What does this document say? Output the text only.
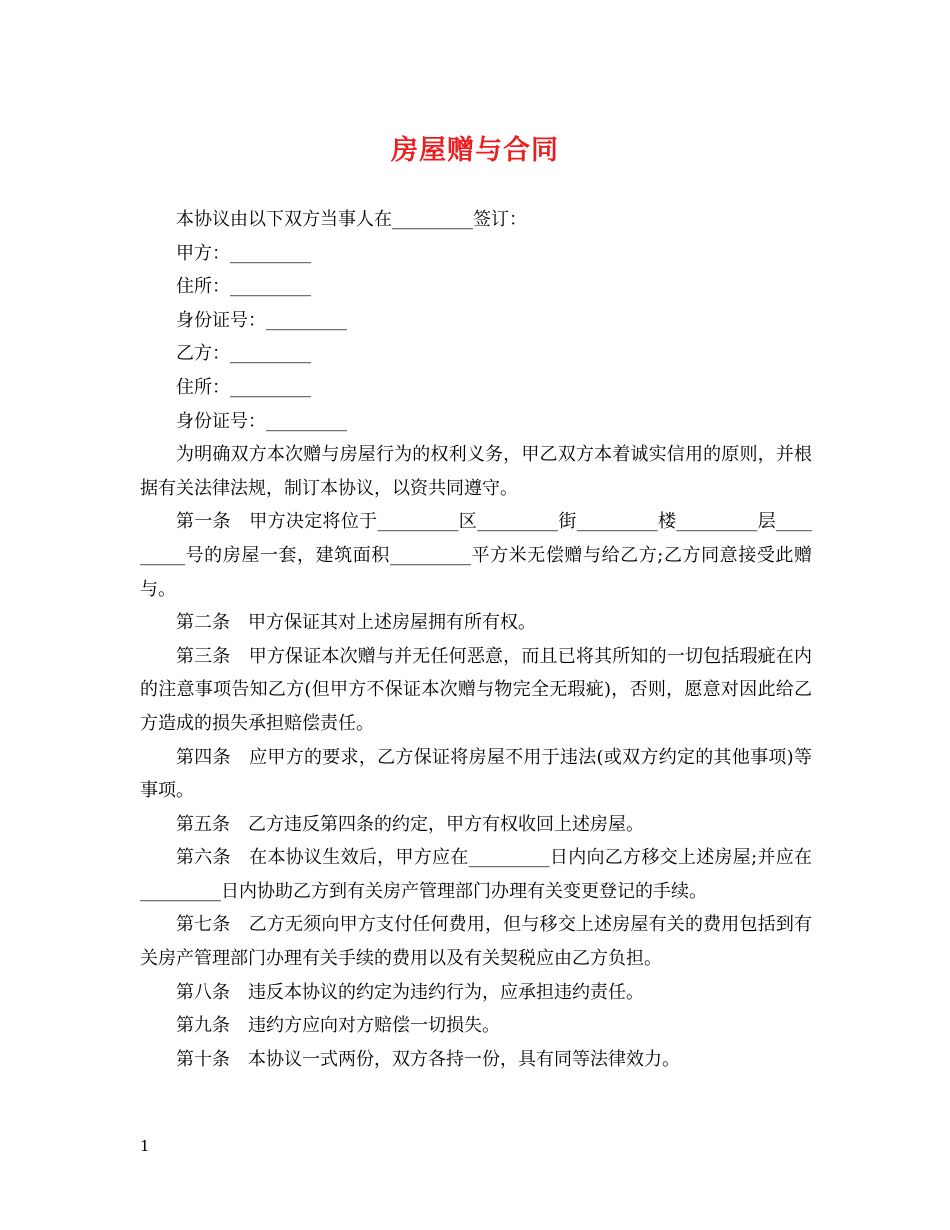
房屋赠与合同

本协议由以下双方当事人在_________签订：

甲方：_________

住所：_________

身份证号：_________

乙方：_________

住所：_________

身份证号：_________

为明确双方本次赠与房屋行为的权利义务，甲乙双方本着诚实信用的原则，并根据有关法律法规，制订本协议，以资共同遵守。

第一条　甲方决定将位于_________区_________街_________楼_________层_________号的房屋一套，建筑面积_________平方米无偿赠与给乙方;乙方同意接受此赠与。

第二条　甲方保证其对上述房屋拥有所有权。

第三条　甲方保证本次赠与并无任何恶意，而且已将其所知的一切包括瑕疵在内的注意事项告知乙方(但甲方不保证本次赠与物完全无瑕疵)，否则，愿意对因此给乙方造成的损失承担赔偿责任。

第四条　应甲方的要求，乙方保证将房屋不用于违法(或双方约定的其他事项)等事项。

第五条　乙方违反第四条的约定，甲方有权收回上述房屋。

第六条　在本协议生效后，甲方应在_________日内向乙方移交上述房屋;并应在_________日内协助乙方到有关房产管理部门办理有关变更登记的手续。

第七条　乙方无须向甲方支付任何费用，但与移交上述房屋有关的费用包括到有关房产管理部门办理有关手续的费用以及有关契税应由乙方负担。

第八条　违反本协议的约定为违约行为，应承担违约责任。

第九条　违约方应向对方赔偿一切损失。

第十条　本协议一式两份，双方各持一份，具有同等法律效力。

1
